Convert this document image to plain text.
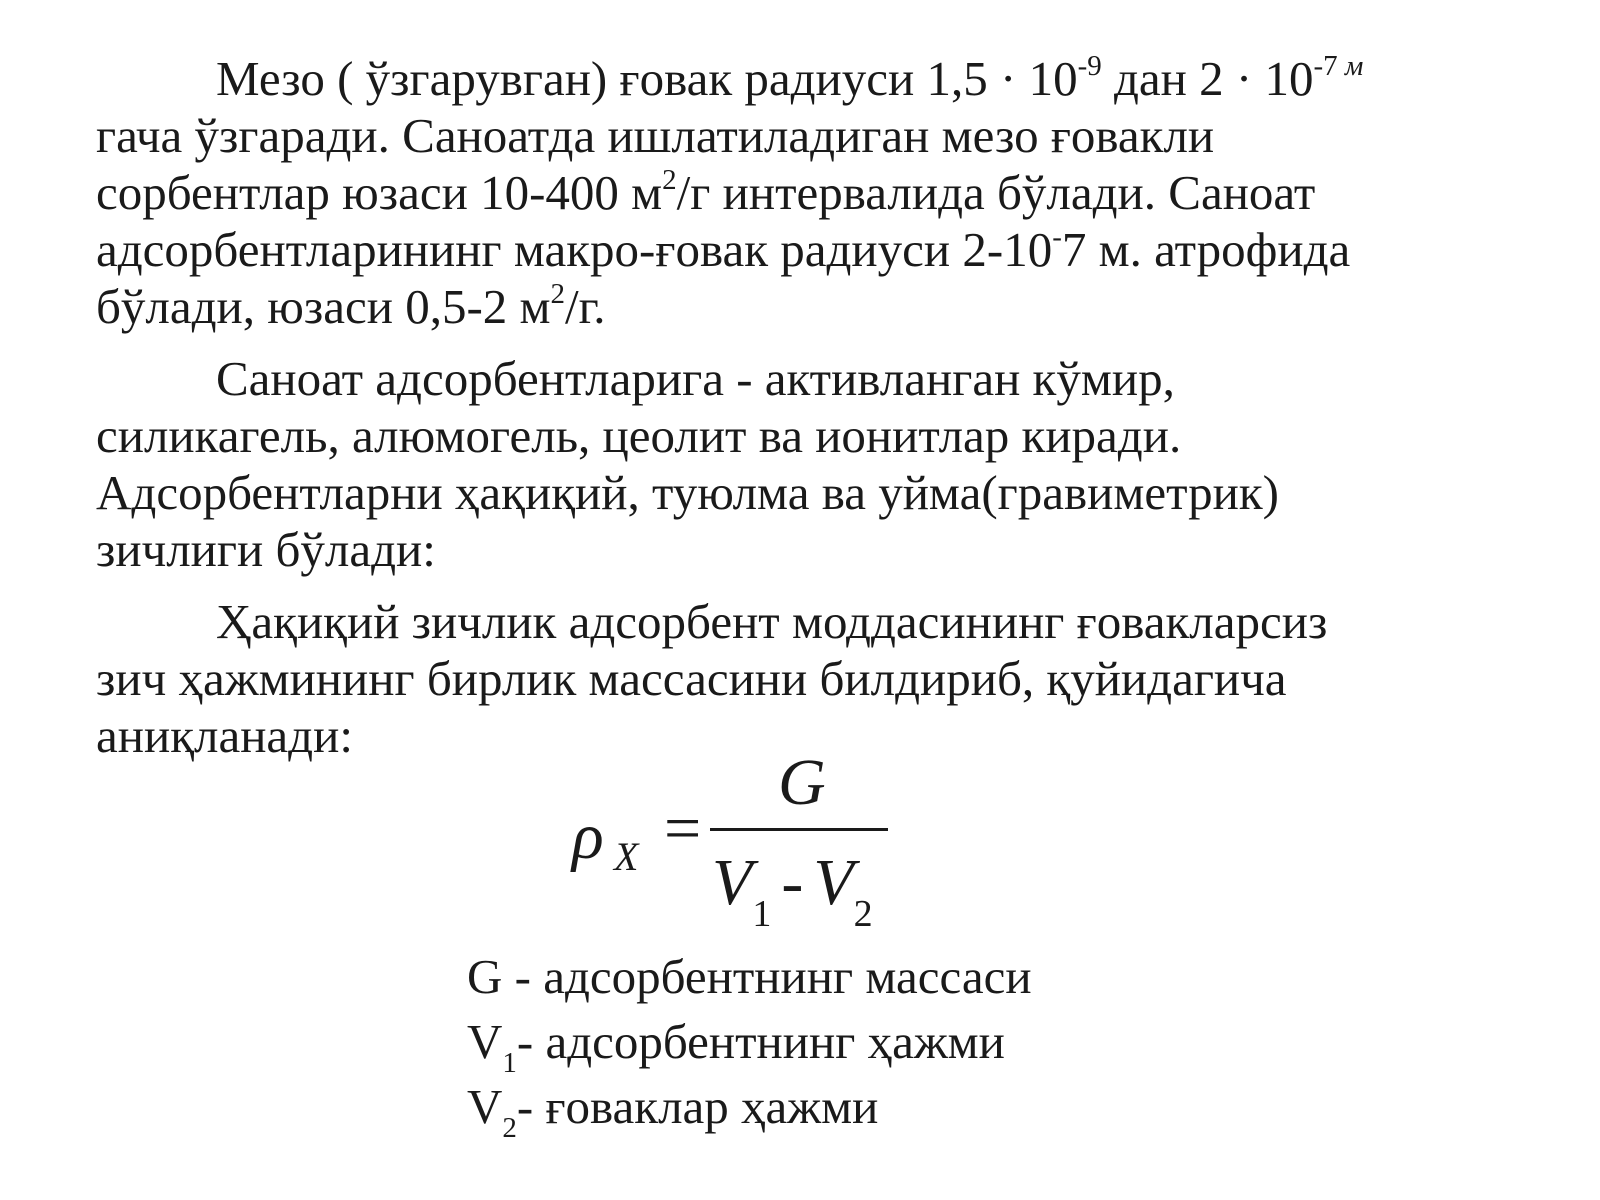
Мезо ( ўзгарувган) ғовак радиуси $1,5 \cdot 10^{-9}$ дан $2 \cdot 10^{-7}$ $^м$
гача ўзгаради. Саноатда ишлатиладиган мезо ғовакли
сорбентлар юзаси 10-400 $м^2/г$ интервалида бўлади. Саноат
адсорбентларининг макро-ғовак радиуси 2-10-7 м. атрофида
бўлади, юзаси 0,5-2 $м^2/г$.

Саноат адсорбентларига - активланган кўмир,
силикагель, алюмогель, цеолит ва ионитлар киради.
Адсорбентларни ҳақиқий, туюлма ва уйма(гравиметрик)
зичлиги бўлади:

Ҳақиқий зичлик адсорбент моддасининг ғовакларсиз
зич ҳажмининг бирлик массасини билдириб, қуйидагича
аниқланади:

ρ X =
G
$V_1 - V_2$
G - адсорбентнинг массаси
$V_1-$ адсорбентнинг ҳажми
$V_2-$ ғоваклар ҳажми
